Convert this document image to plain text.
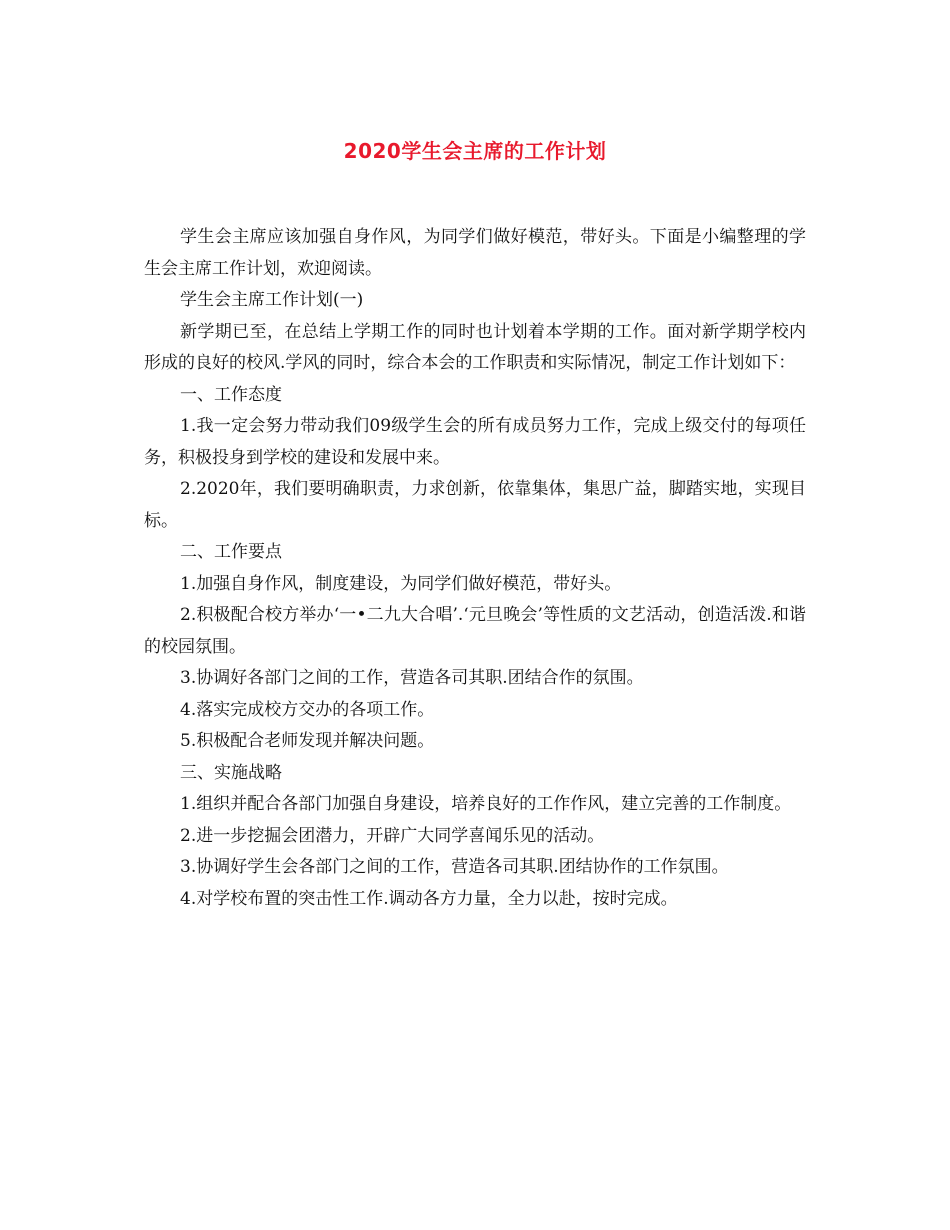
2020学生会主席的工作计划

学生会主席应该加强自身作风，为同学们做好模范，带好头。下面是小编整理的学生会主席工作计划，欢迎阅读。

学生会主席工作计划(一)

新学期已至，在总结上学期工作的同时也计划着本学期的工作。面对新学期学校内形成的良好的校风.学风的同时，综合本会的工作职责和实际情况，制定工作计划如下：

一、工作态度

1.我一定会努力带动我们09级学生会的所有成员努力工作，完成上级交付的每项任务，积极投身到学校的建设和发展中来。

2.2020年，我们要明确职责，力求创新，依靠集体，集思广益，脚踏实地，实现目标。

二、工作要点

1.加强自身作风，制度建设，为同学们做好模范，带好头。

2.积极配合校方举办‘一•二九大合唱’.‘元旦晚会’等性质的文艺活动，创造活泼.和谐的校园氛围。

3.协调好各部门之间的工作，营造各司其职.团结合作的氛围。

4.落实完成校方交办的各项工作。

5.积极配合老师发现并解决问题。

三、实施战略

1.组织并配合各部门加强自身建设，培养良好的工作作风，建立完善的工作制度。

2.进一步挖掘会团潜力，开辟广大同学喜闻乐见的活动。

3.协调好学生会各部门之间的工作，营造各司其职.团结协作的工作氛围。

4.对学校布置的突击性工作.调动各方力量，全力以赴，按时完成。
